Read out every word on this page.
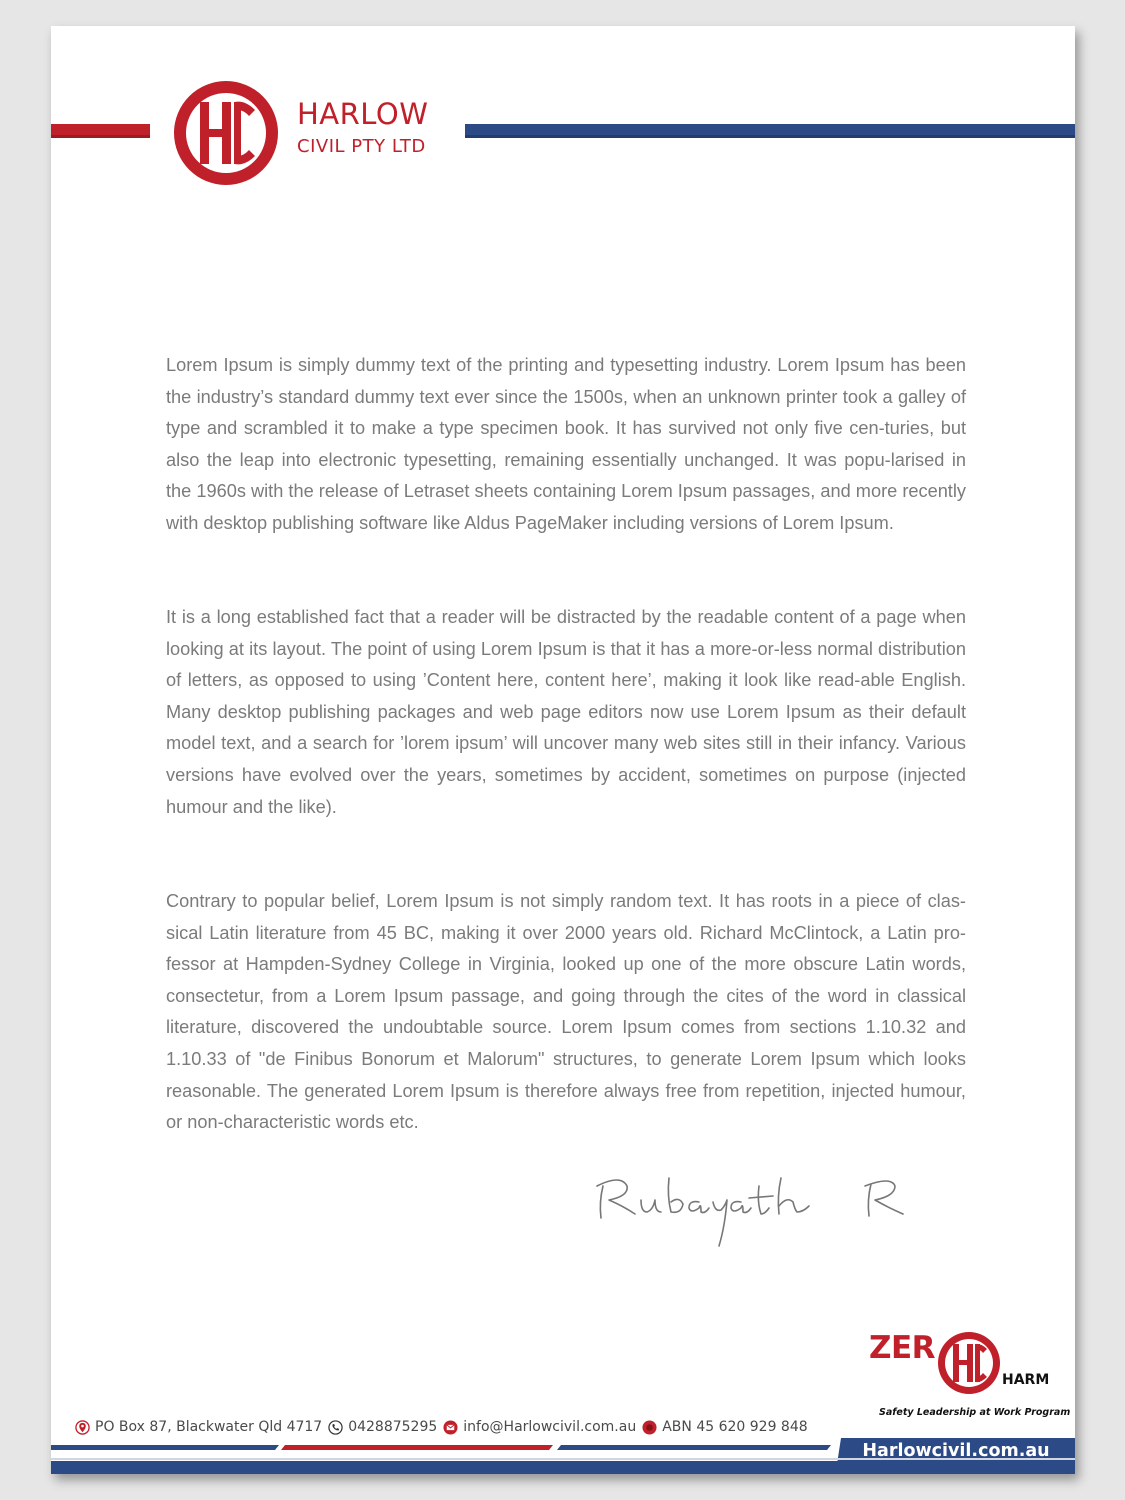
HARLOW
CIVIL PTY LTD

Lorem Ipsum is simply dummy text of the printing and typesetting industry. Lorem Ipsum has been the industry’s standard dummy text ever since the 1500s, when an unknown printer took a galley of type and scrambled it to make a type specimen book. It has survived not only five cen-turies, but also the leap into electronic typesetting, remaining essentially unchanged. It was popu-larised in the 1960s with the release of Letraset sheets containing Lorem Ipsum passages, and more recently with desktop publishing software like Aldus PageMaker including versions of Lorem Ipsum.

It is a long established fact that a reader will be distracted by the readable content of a page when looking at its layout. The point of using Lorem Ipsum is that it has a more-or-less normal distribution of letters, as opposed to using ’Content here, content here’, making it look like read-able English. Many desktop publishing packages and web page editors now use Lorem Ipsum as their default model text, and a search for ’lorem ipsum’ will uncover many web sites still in their infancy. Various versions have evolved over the years, sometimes by accident, sometimes on purpose (injected humour and the like).

Contrary to popular belief, Lorem Ipsum is not simply random text. It has roots in a piece of clas-sical Latin literature from 45 BC, making it over 2000 years old. Richard McClintock, a Latin pro-fessor at Hampden-Sydney College in Virginia, looked up one of the more obscure Latin words, consectetur, from a Lorem Ipsum passage, and going through the cites of the word in classical literature, discovered the undoubtable source. Lorem Ipsum comes from sections 1.10.32 and 1.10.33 of "de Finibus Bonorum et Malorum" structures, to generate Lorem Ipsum which looks reasonable. The generated Lorem Ipsum is therefore always free from repetition, injected humour, or non-characteristic words etc.

Rubayath R
ZER
HARM
Safety Leadership at Work Program
PO Box 87, Blackwater Qld 4717 0428875295 info@Harlowcivil.com.au ABN 45 620 929 848
Harlowcivil.com.au
